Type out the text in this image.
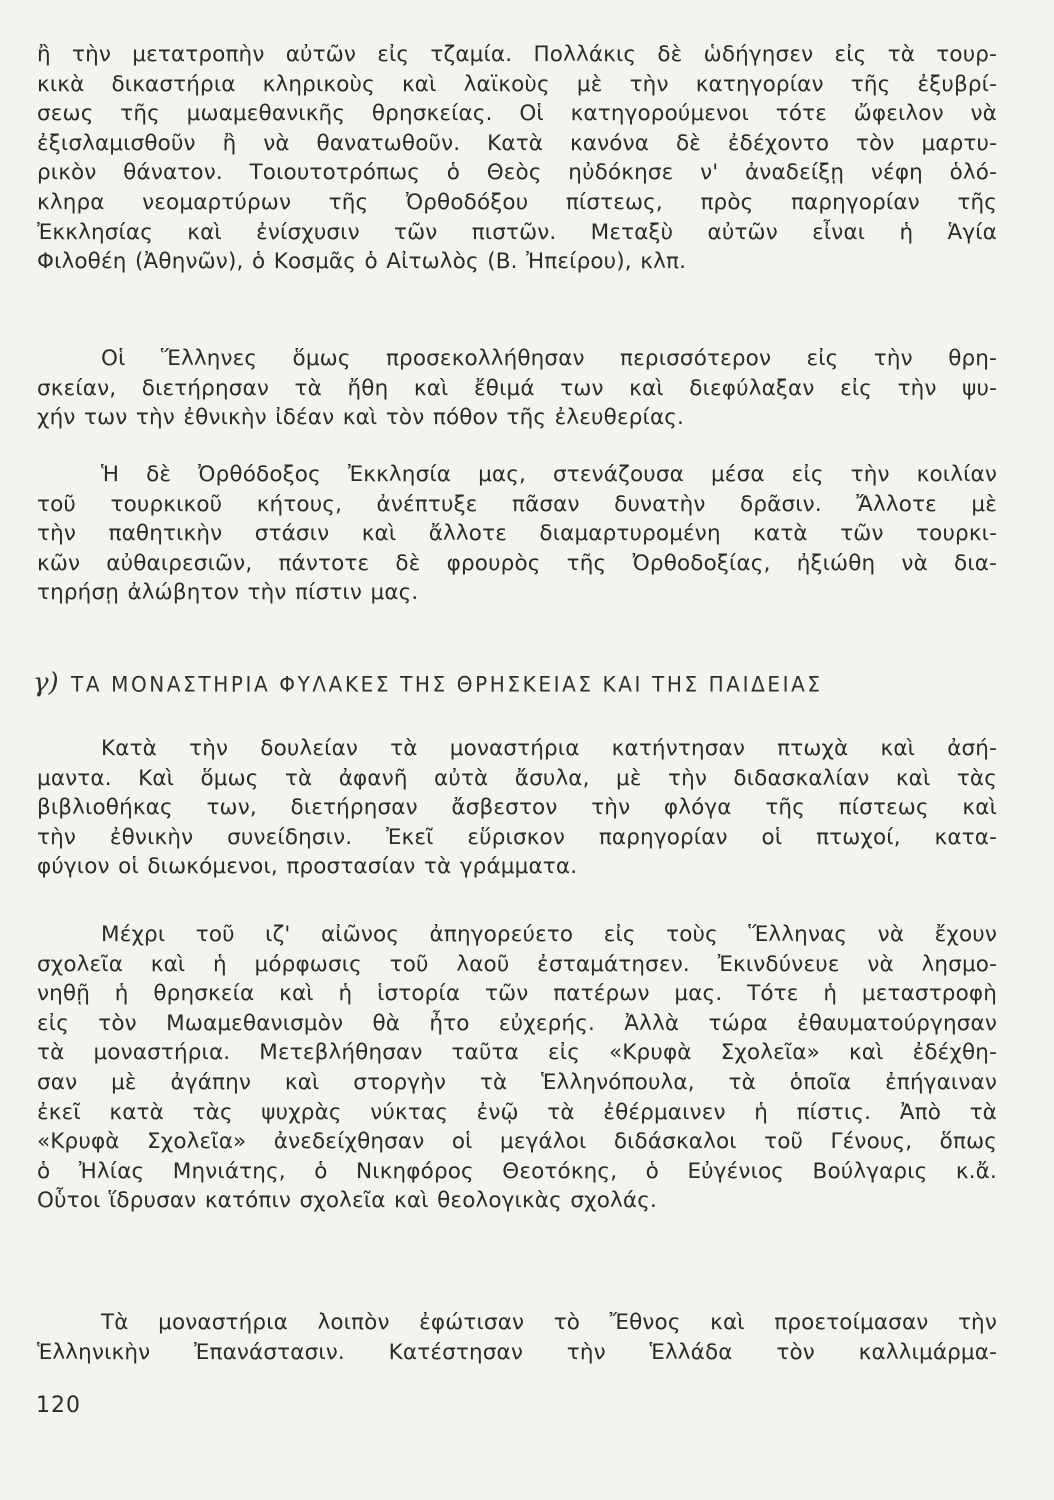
ἢ τὴν μετατροπὴν αὐτῶν εἰς τζαμία. Πολλάκις δὲ ὡδήγησεν εἰς τὰ τουρ-
κικὰ δικαστήρια κληρικοὺς καὶ λαϊκοὺς μὲ τὴν κατηγορίαν τῆς ἐξυβρί-
σεως τῆς μωαμεθανικῆς θρησκείας. Οἱ κατηγορούμενοι τότε ὤφειλον νὰ
ἐξισλαμισθοῦν ἢ νὰ θανατωθοῦν. Κατὰ κανόνα δὲ ἐδέχοντο τὸν μαρτυ-
ρικὸν θάνατον. Τοιουτοτρόπως ὁ Θεὸς ηὐδόκησε ν' ἀναδείξῃ νέφη ὁλό-
κληρα νεομαρτύρων τῆς Ὀρθοδόξου πίστεως, πρὸς παρηγορίαν τῆς
Ἐκκλησίας καὶ ἐνίσχυσιν τῶν πιστῶν. Μεταξὺ αὐτῶν εἶναι ἡ Ἁγία
Φιλοθέη (Ἀθηνῶν), ὁ Κοσμᾶς ὁ Αἰτωλὸς (Β. Ἠπείρου), κλπ.
Οἱ Ἕλληνες ὅμως προσεκολλήθησαν περισσότερον εἰς τὴν θρη-
σκείαν, διετήρησαν τὰ ἤθη καὶ ἔθιμά των καὶ διεφύλαξαν εἰς τὴν ψυ-
χήν των τὴν ἐθνικὴν ἰδέαν καὶ τὸν πόθον τῆς ἐλευθερίας.
Ἡ δὲ Ὀρθόδοξος Ἐκκλησία μας, στενάζουσα μέσα εἰς τὴν κοιλίαν
τοῦ τουρκικοῦ κήτους, ἀνέπτυξε πᾶσαν δυνατὴν δρᾶσιν. Ἄλλοτε μὲ
τὴν παθητικὴν στάσιν καὶ ἄλλοτε διαμαρτυρομένη κατὰ τῶν τουρκι-
κῶν αὐθαιρεσιῶν, πάντοτε δὲ φρουρὸς τῆς Ὀρθοδοξίας, ἠξιώθη νὰ δια-
τηρήσῃ ἀλώβητον τὴν πίστιν μας.
γ) ΤΑ ΜΟΝΑΣΤΗΡΙΑ ΦΥΛΑΚΕΣ ΤΗΣ ΘΡΗΣΚΕΙΑΣ ΚΑΙ ΤΗΣ ΠΑΙΔΕΙΑΣ
Κατὰ τὴν δουλείαν τὰ μοναστήρια κατήντησαν πτωχὰ καὶ ἀσή-
μαντα. Καὶ ὅμως τὰ ἀφανῆ αὐτὰ ἄσυλα, μὲ τὴν διδασκαλίαν καὶ τὰς
βιβλιοθήκας των, διετήρησαν ἄσβεστον τὴν φλόγα τῆς πίστεως καὶ
τὴν ἐθνικὴν συνείδησιν. Ἐκεῖ εὕρισκον παρηγορίαν οἱ πτωχοί, κατα-
φύγιον οἱ διωκόμενοι, προστασίαν τὰ γράμματα.
Μέχρι τοῦ ιζ' αἰῶνος ἀπηγορεύετο εἰς τοὺς Ἕλληνας νὰ ἔχουν
σχολεῖα καὶ ἡ μόρφωσις τοῦ λαοῦ ἐσταμάτησεν. Ἐκινδύνευε νὰ λησμο-
νηθῇ ἡ θρησκεία καὶ ἡ ἱστορία τῶν πατέρων μας. Τότε ἡ μεταστροφὴ
εἰς τὸν Μωαμεθανισμὸν θὰ ἦτο εὐχερής. Ἀλλὰ τώρα ἐθαυματούργησαν
τὰ μοναστήρια. Μετεβλήθησαν ταῦτα εἰς «Κρυφὰ Σχολεῖα» καὶ ἐδέχθη-
σαν μὲ ἀγάπην καὶ στοργὴν τὰ Ἑλληνόπουλα, τὰ ὁποῖα ἐπήγαιναν
ἐκεῖ κατὰ τὰς ψυχρὰς νύκτας ἐνῷ τὰ ἐθέρμαινεν ἡ πίστις. Ἀπὸ τὰ
«Κρυφὰ Σχολεῖα» ἀνεδείχθησαν οἱ μεγάλοι διδάσκαλοι τοῦ Γένους, ὅπως
ὁ Ἠλίας Μηνιάτης, ὁ Νικηφόρος Θεοτόκης, ὁ Εὐγένιος Βούλγαρις κ.ἄ.
Οὗτοι ἵδρυσαν κατόπιν σχολεῖα καὶ θεολογικὰς σχολάς.
Τὰ μοναστήρια λοιπὸν ἐφώτισαν τὸ Ἔθνος καὶ προετοίμασαν τὴν
Ἑλληνικὴν Ἐπανάστασιν. Κατέστησαν τὴν Ἑλλάδα τὸν καλλιμάρμα-
120
